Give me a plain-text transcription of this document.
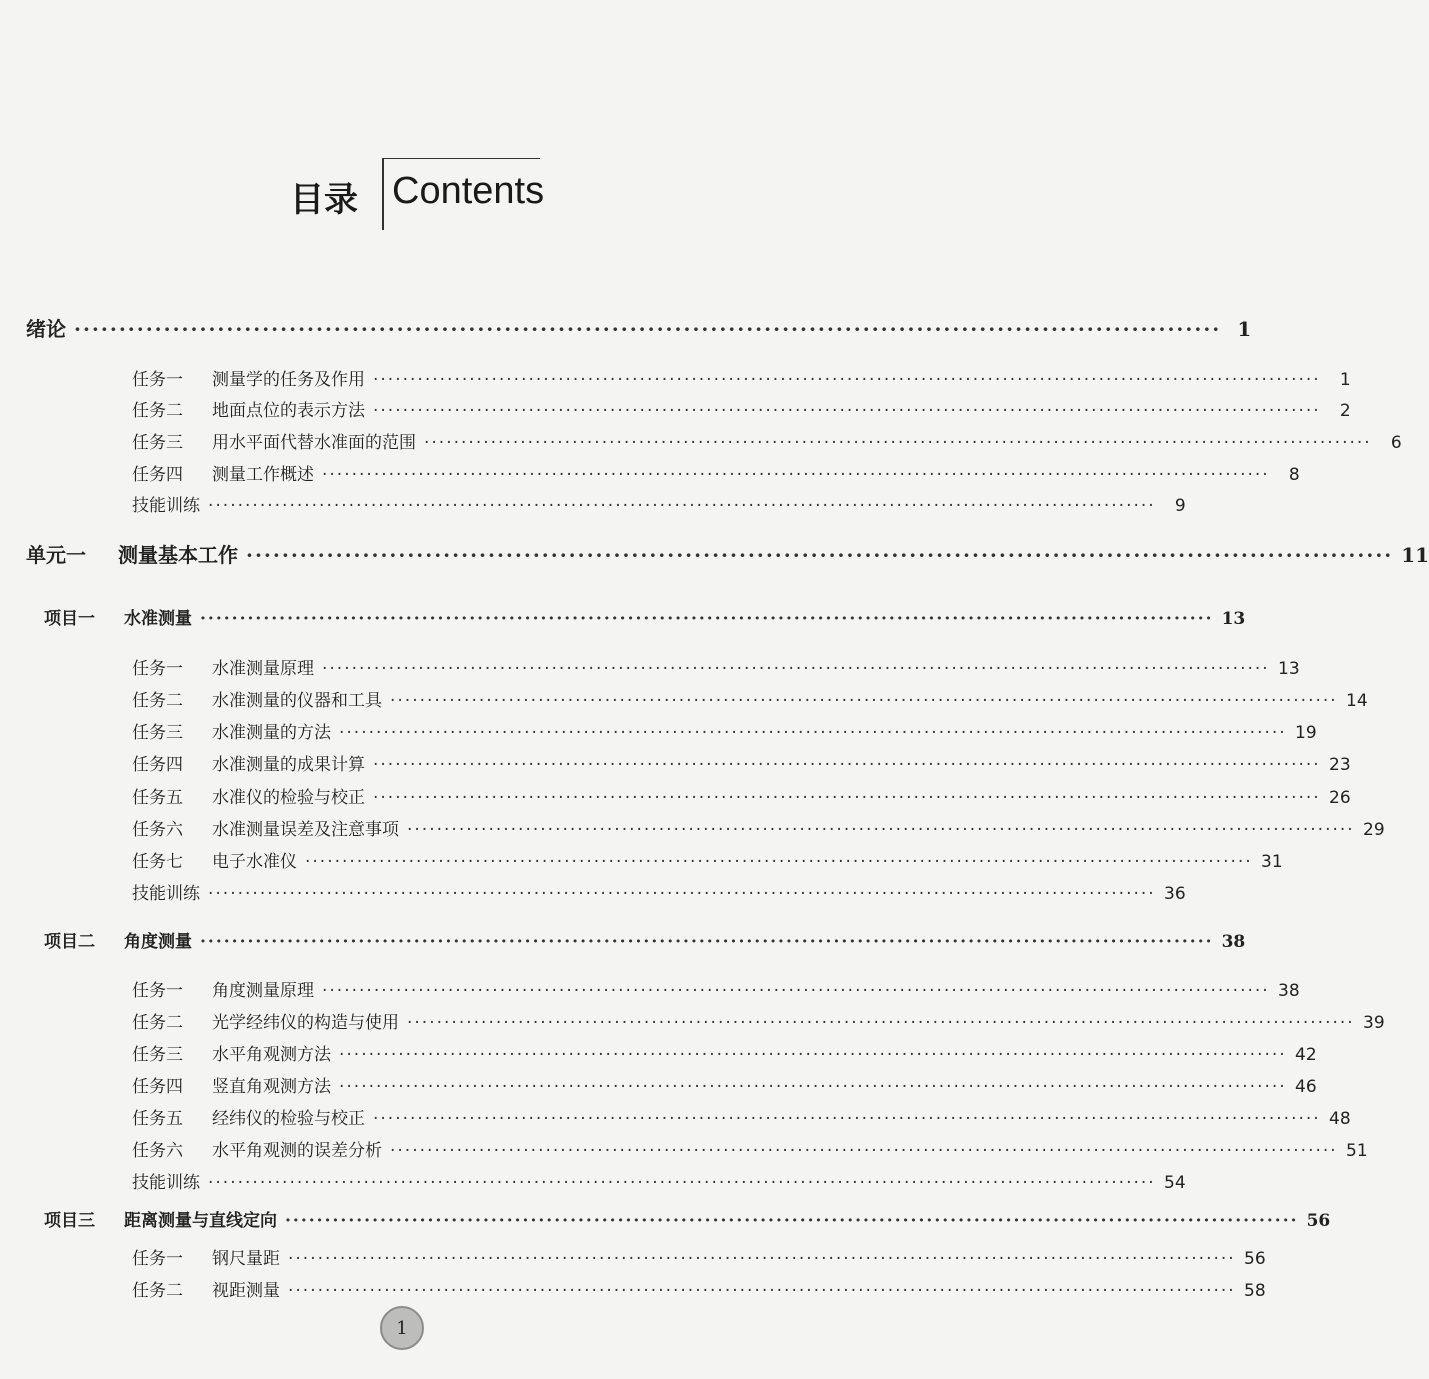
目录 Contents
绪论 ································································································································ 1
任务一 测量学的任务及作用 ································································································································	1
任务二 地面点位的表示方法 ································································································································	2
任务三 用水平面代替水准面的范围 ································································································································	6
任务四 测量工作概述 ································································································································	8
技能训练 ································································································································	9
单元一 测量基本工作 ································································································································ 11
项目一 水准测量 ································································································································ 13
任务一 水准测量原理 ································································································································ 13
任务二 水准测量的仪器和工具 ································································································································ 14
任务三 水准测量的方法 ································································································································ 19
任务四 水准测量的成果计算 ································································································································ 23
任务五 水准仪的检验与校正 ································································································································ 26
任务六 水准测量误差及注意事项 ································································································································ 29
任务七 电子水准仪 ································································································································ 31
技能训练 ································································································································ 36
项目二 角度测量 ································································································································ 38
任务一 角度测量原理 ································································································································ 38
任务二 光学经纬仪的构造与使用 ································································································································ 39
任务三 水平角观测方法 ································································································································ 42
任务四 竖直角观测方法 ································································································································ 46
任务五 经纬仪的检验与校正 ································································································································ 48
任务六 水平角观测的误差分析 ································································································································ 51
技能训练 ································································································································ 54
项目三 距离测量与直线定向 ································································································································ 56
任务一 钢尺量距 ································································································································ 56
任务二 视距测量 ································································································································ 58
1
